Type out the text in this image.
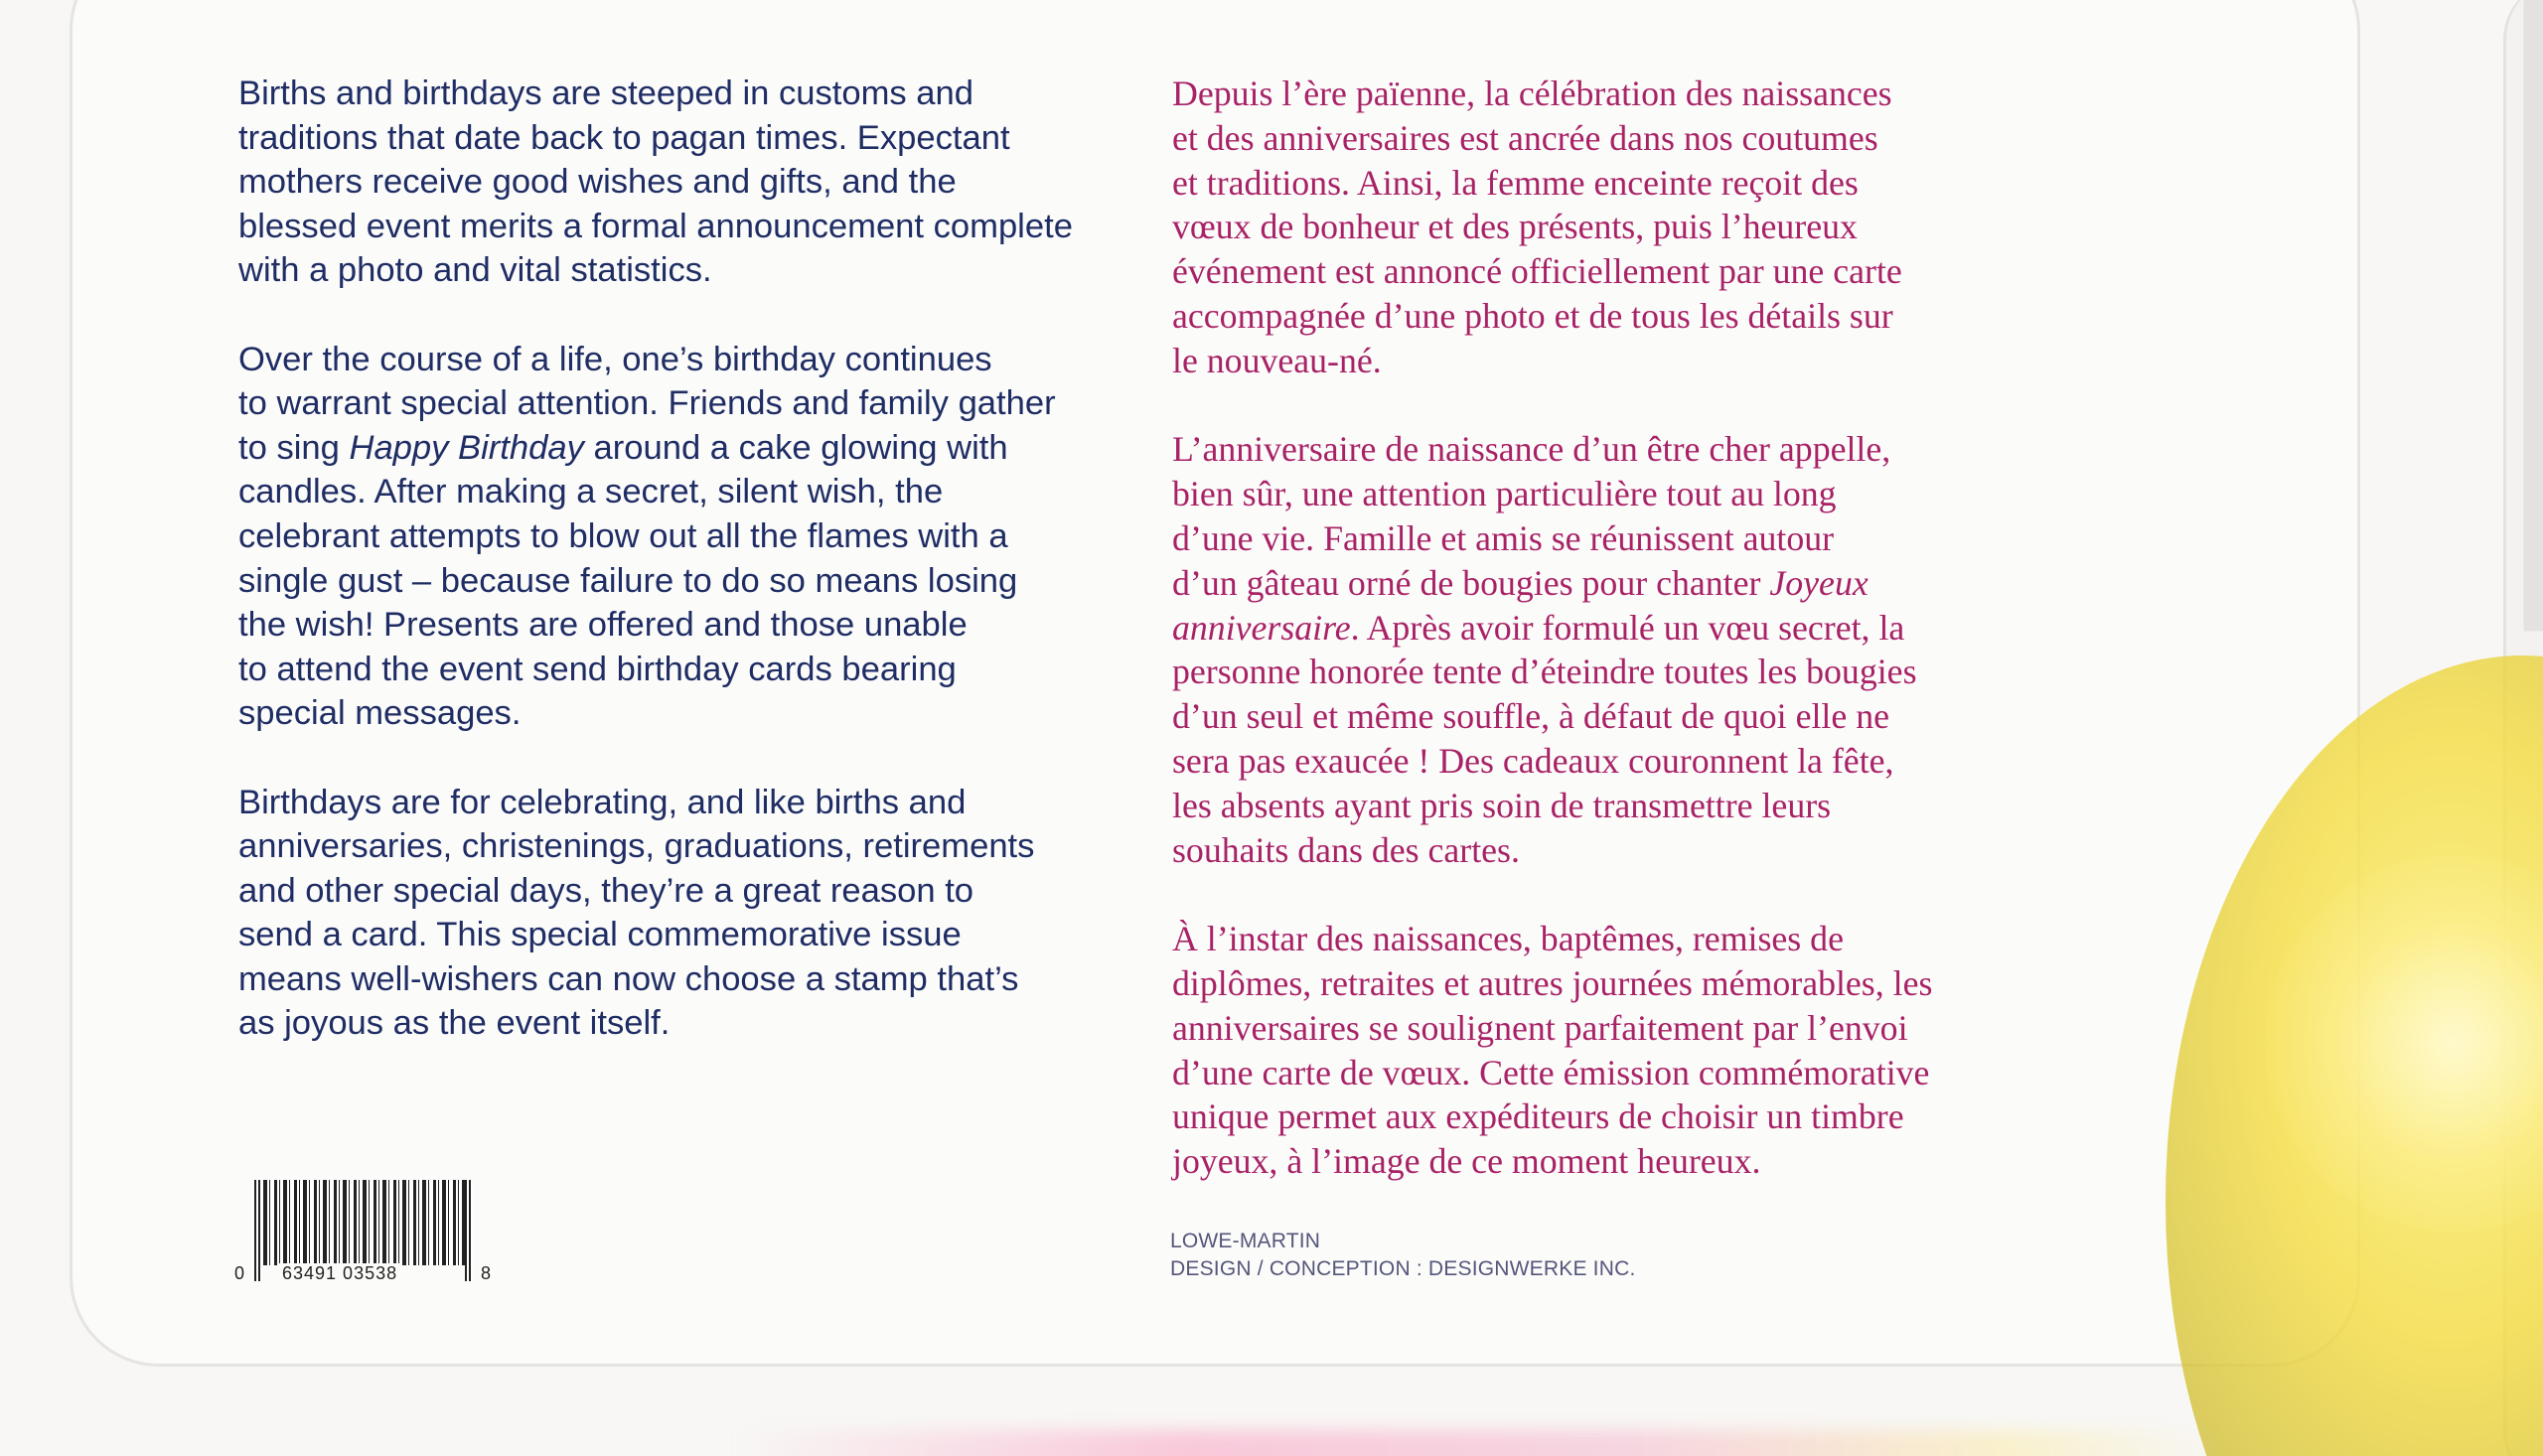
Births and birthdays are steeped in customs and
traditions that date back to pagan times. Expectant
mothers receive good wishes and gifts, and the
blessed event merits a formal announcement complete
with a photo and vital statistics.

Over the course of a life, one’s birthday continues
to warrant special attention. Friends and family gather
to sing Happy Birthday around a cake glowing with
candles. After making a secret, silent wish, the
celebrant attempts to blow out all the flames with a
single gust – because failure to do so means losing
the wish! Presents are offered and those unable
to attend the event send birthday cards bearing
special messages.

Birthdays are for celebrating, and like births and
anniversaries, christenings, graduations, retirements
and other special days, they’re a great reason to
send a card. This special commemorative issue
means well-wishers can now choose a stamp that’s
as joyous as the event itself.

Depuis l’ère païenne, la célébration des naissances
et des anniversaires est ancrée dans nos coutumes
et traditions. Ainsi, la femme enceinte reçoit des
vœux de bonheur et des présents, puis l’heureux
événement est annoncé officiellement par une carte
accompagnée d’une photo et de tous les détails sur
le nouveau-né.

L’anniversaire de naissance d’un être cher appelle,
bien sûr, une attention particulière tout au long
d’une vie. Famille et amis se réunissent autour
d’un gâteau orné de bougies pour chanter Joyeux
anniversaire. Après avoir formulé un vœu secret, la
personne honorée tente d’éteindre toutes les bougies
d’un seul et même souffle, à défaut de quoi elle ne
sera pas exaucée ! Des cadeaux couronnent la fête,
les absents ayant pris soin de transmettre leurs
souhaits dans des cartes.

À l’instar des naissances, baptêmes, remises de
diplômes, retraites et autres journées mémorables, les
anniversaires se soulignent parfaitement par l’envoi
d’une carte de vœux. Cette émission commémorative
unique permet aux expéditeurs de choisir un timbre
joyeux, à l’image de ce moment heureux.

0 63491 03538	8
LOWE-MARTIN
DESIGN / CONCEPTION : DESIGNWERKE INC.
